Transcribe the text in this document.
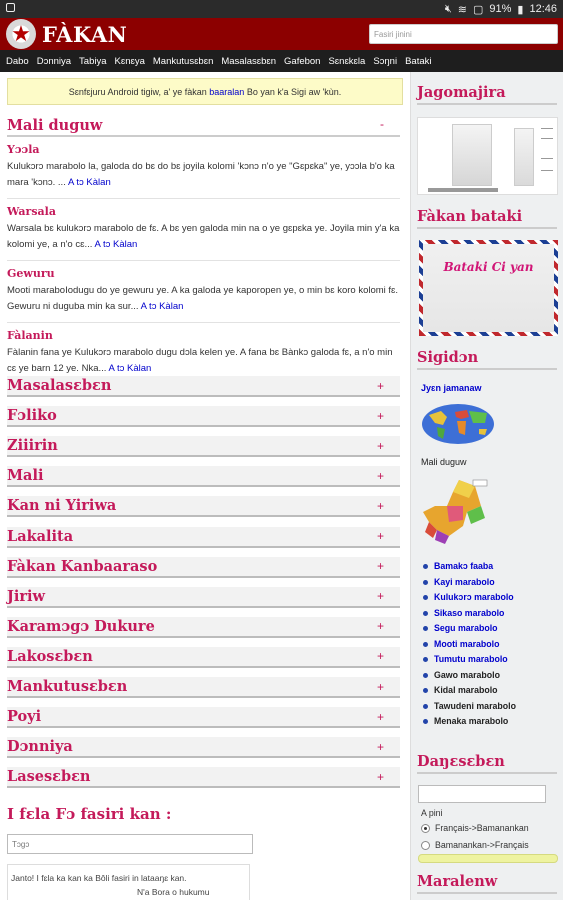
🔇︎ ≋ ▢ 91% ▮ 12:46
★ FÀKAN	Fasiri jinini
Dabo Dɔnniya Tabiya Kɛnɛya Mankutusɛbɛn Masalasɛbɛn Gafebon Sɛnɛkɛla Sɔŋni Bataki
Sɛnfɛjuru Android tigiw, a' ye fàkan
baaralan
Bo yan k'a Sigi aw 'kùn.
Mali duguw	-
Yɔɔla
Kulukɔrɔ marabolo la, galoda do bɛ do bɛ joyila kolomi 'kɔnɔ n'o ye "Gɛpɛka" ye, yɔɔla b'o ka mara 'kɔnɔ. ... A tɔ Kàlan
Warsala
Warsala bɛ kulukɔrɔ marabolo de fɛ. A bɛ yen galoda min na o ye gɛpɛka ye. Joyila min y'a ka kolomi ye, a n'o cɛ... A tɔ Kàlan
Gewuru
Mooti maraboIodugu do ye gewuru ye. A ka galoda ye kaporopen ye, o min bɛ koro kolomi fɛ. Gewuru ni duguba min ka sur... A tɔ Kàlan
Fàlanin
Fàlanin fana ye Kulukɔrɔ marabolo dugu dɔla kelen ye. A fana bɛ Bànkɔ galoda fɛ, a n'o min cɛ ye barn 12 ye. Nka... A tɔ Kàlan
Masalasɛbɛn	+
Fɔliko	+
Ziiirin	+
Mali	+
Kan ni Yiriwa	+
Lakalita	+
Fàkan Kanbaaraso	+
Jiriw	+
Karamɔgɔ Dukure	+
Lakosɛbɛn	+
Mankutusɛbɛn	+
Poyi	+
Dɔnniya	+
Lasesɛbɛn	+
I fɛla Fɔ fasiri kan :
Tɔgɔ
Janto! I fɛla ka kan ka Bôli fasiri in lataaŋɛ kan.
N'a Bora o hukumu
Jagomajira
Fàkan bataki
Bataki Ci yan
Sigidɔn
Jyɛn jamanaw
Mali duguw
Bamakɔ faaba
Kayi marabolo
Kulukɔrɔ marabolo
Sikaso marabolo
Segu marabolo
Mooti marabolo
Tumutu marabolo
Gawo marabolo
Kidal marabolo
Tawudeni marabolo
Menaka marabolo
Daŋɛsɛbɛn
A pini
Français->Bamanankan
Bamanankan->Français
Maralenw
